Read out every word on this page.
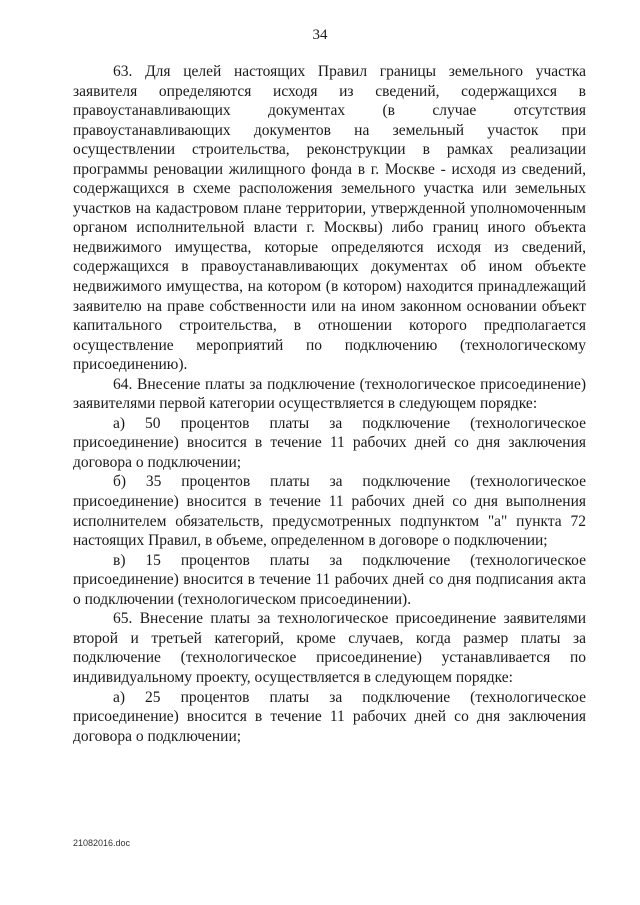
34

63. Для целей настоящих Правил границы земельного участка заявителя определяются исходя из сведений, содержащихся в правоустанавливающих документах (в случае отсутствия правоустанавливающих документов на земельный участок при осуществлении строительства, реконструкции в рамках реализации программы реновации жилищного фонда в г. Москве - исходя из сведений, содержащихся в схеме расположения земельного участка или земельных участков на кадастровом плане территории, утвержденной уполномоченным органом исполнительной власти г. Москвы) либо границ иного объекта недвижимого имущества, которые определяются исходя из сведений, содержащихся в правоустанавливающих документах об ином объекте недвижимого имущества, на котором (в котором) находится принадлежащий заявителю на праве собственности или на ином законном основании объект капитального строительства, в отношении которого предполагается осуществление мероприятий по подключению (технологическому присоединению).

64. Внесение платы за подключение (технологическое присоединение) заявителями первой категории осуществляется в следующем порядке:

а) 50 процентов платы за подключение (технологическое присоединение) вносится в течение 11 рабочих дней со дня заключения договора о подключении;

б) 35 процентов платы за подключение (технологическое присоединение) вносится в течение 11 рабочих дней со дня выполнения исполнителем обязательств, предусмотренных подпунктом "а" пункта 72 настоящих Правил, в объеме, определенном в договоре о подключении;

в) 15 процентов платы за подключение (технологическое присоединение) вносится в течение 11 рабочих дней со дня подписания акта о подключении (технологическом присоединении).

65. Внесение платы за технологическое присоединение заявителями второй и третьей категорий, кроме случаев, когда размер платы за подключение (технологическое присоединение) устанавливается по индивидуальному проекту, осуществляется в следующем порядке:

а) 25 процентов платы за подключение (технологическое присоединение) вносится в течение 11 рабочих дней со дня заключения договора о подключении;

21082016.doc
